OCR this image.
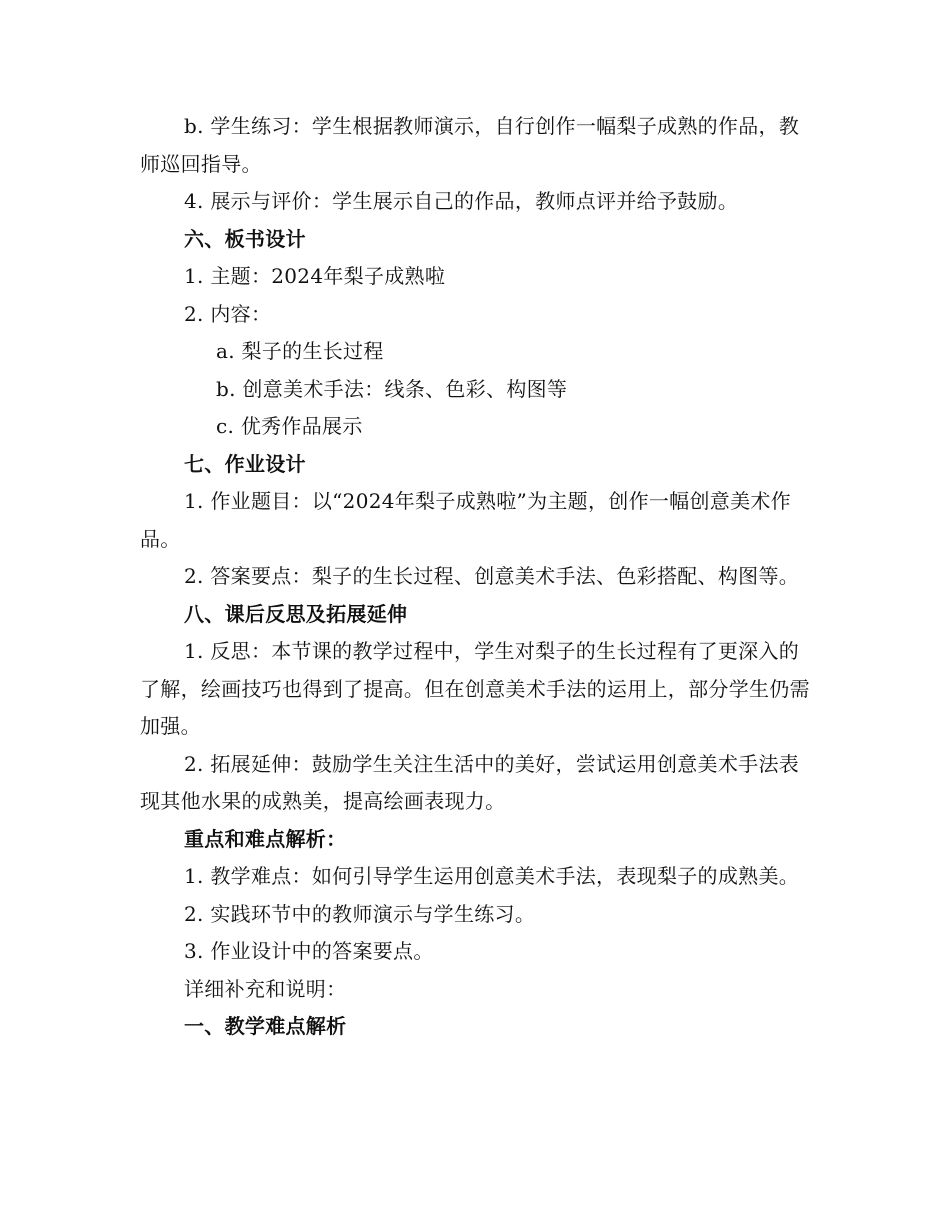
b. 学生练习：学生根据教师演示，自行创作一幅梨子成熟的作品，教师巡回指导。
4. 展示与评价：学生展示自己的作品，教师点评并给予鼓励。
六、板书设计
1. 主题：2024年梨子成熟啦
2. 内容：
a. 梨子的生长过程
b. 创意美术手法：线条、色彩、构图等
c. 优秀作品展示
七、作业设计
1. 作业题目：以“2024年梨子成熟啦”为主题，创作一幅创意美术作品。
2. 答案要点：梨子的生长过程、创意美术手法、色彩搭配、构图等。
八、课后反思及拓展延伸
1. 反思：本节课的教学过程中，学生对梨子的生长过程有了更深入的了解，绘画技巧也得到了提高。但在创意美术手法的运用上，部分学生仍需加强。
2. 拓展延伸：鼓励学生关注生活中的美好，尝试运用创意美术手法表现其他水果的成熟美，提高绘画表现力。
重点和难点解析：
1. 教学难点：如何引导学生运用创意美术手法，表现梨子的成熟美。
2. 实践环节中的教师演示与学生练习。
3. 作业设计中的答案要点。
详细补充和说明：
一、教学难点解析
